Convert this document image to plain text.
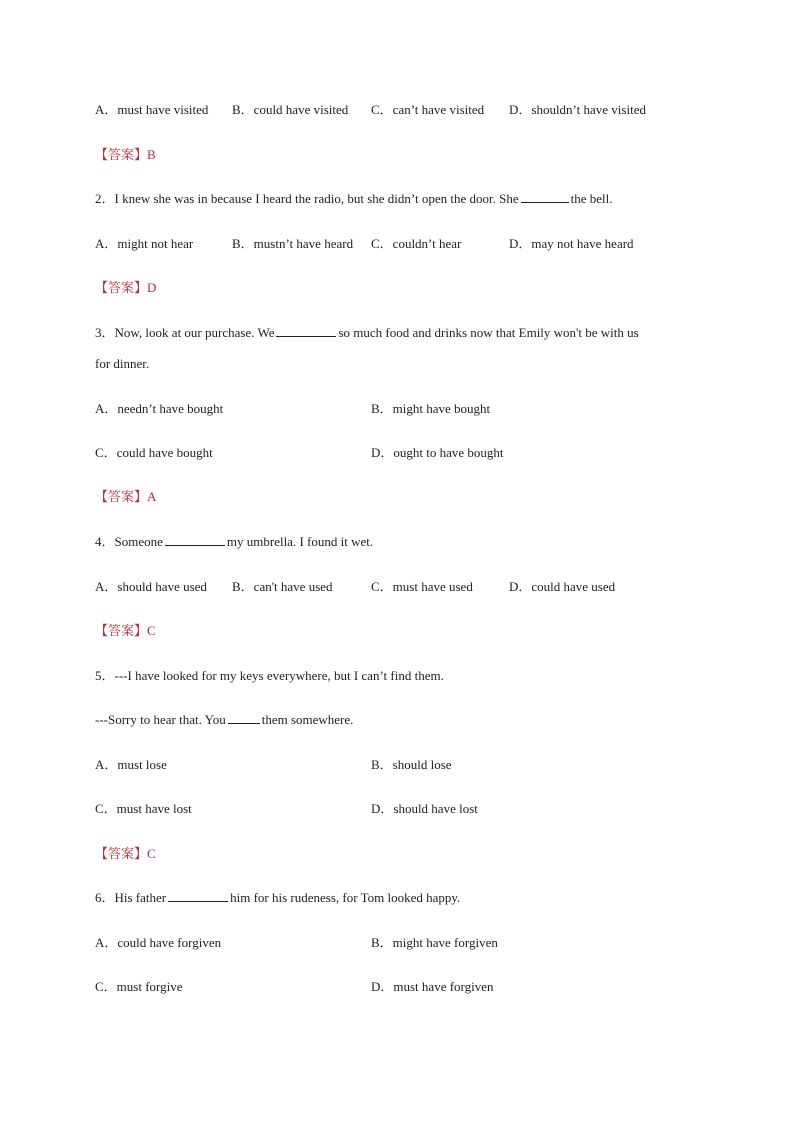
A．must have visited B．could have visited C．can’t have visited D．shouldn’t have visited
【答案】B
2．I knew she was in because I heard the radio, but she didn’t open the door. She	the bell.
A．might not hear	B．mustn’t have heard C．couldn’t hear	D．may not have heard
【答案】D
3．Now, look at our purchase. We	so much food and drinks now that Emily won't be with us
for dinner.
A．needn’t have bought	B．might have bought
C．could have bought	D．ought to have bought
【答案】A
4．Someone	my umbrella. I found it wet.
A．should have used B．can't have used	C．must have used	D．could have used
【答案】C
5．---I have looked for my keys everywhere, but I can’t find them.
---Sorry to hear that. You	them somewhere.
A．must lose	B．should lose
C．must have lost	D．should have lost
【答案】C
6．His father	him for his rudeness, for Tom looked happy.
A．could have forgiven	B．might have forgiven
C．must forgive	D．must have forgiven
